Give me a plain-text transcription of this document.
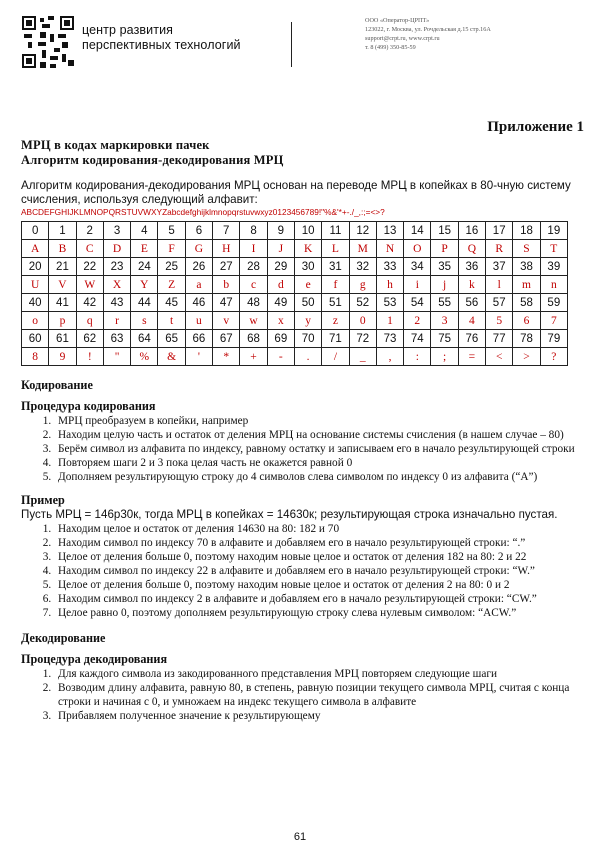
центр развития
перспективных технологий
ООО «Оператор-ЦРПТ»
123022, г. Москва, ул. Рочдельская д.15 стр.16А
support@crpt.ru, www.crpt.ru
т. 8 (499) 350-85-59
Приложение 1
МРЦ в кодах маркировки пачек
Алгоритм кодирования-декодирования МРЦ
Алгоритм кодирования-декодирования МРЦ основан на переводе МРЦ в копейках в 80-чную систему счисления, используя следующий алфавит:
ABCDEFGHIJKLMNOPQRSTUVWXYZabcdefghijklmnopqrstuvwxyz0123456789!"%&'*+-./_,:;=<>?
0	1	2	3	4	5	6	7	8	9	10	11	12	13	14	15	16	17	18	19
A	B	C	D	E	F	G	H	I	J	K	L	M	N	O	P	Q	R	S	T
20	21	22	23	24	25	26	27	28	29	30	31	32	33	34	35	36	37	38	39
U	V	W	X	Y	Z	a	b	c	d	e	f	g	h	i	j	k	l	m	n
40	41	42	43	44	45	46	47	48	49	50	51	52	53	54	55	56	57	58	59
o	p	q	r	s	t	u	v	w	x	y	z	0	1	2	3	4	5	6	7
60	61	62	63	64	65	66	67	68	69	70	71	72	73	74	75	76	77	78	79
8	9	!	"	%	&	'	*	+	-	.	/	_	,	:	;	=	<	>	?
Кодирование
Процедура кодирования
1. МРЦ преобразуем в копейки, например
2. Находим целую часть и остаток от деления МРЦ на основание системы счисления (в нашем случае – 80)
3. Берём символ из алфавита по индексу, равному остатку и записываем его в начало результирующей строки
4. Повторяем шаги 2 и 3 пока целая часть не окажется равной 0
5. Дополняем результирующую строку до 4 символов слева символом по индексу 0 из алфавита (“A”)
Пример
Пусть МРЦ = 146р30к, тогда МРЦ в копейках = 14630к; результирующая строка изначально пустая.
1. Находим целое и остаток от деления 14630 на 80: 182 и 70
2. Находим символ по индексу 70 в алфавите и добавляем его в начало результирующей строки: “.”
3. Целое от деления больше 0, поэтому находим новые целое и остаток от деления 182 на 80: 2 и 22
4. Находим символ по индексу 22 в алфавите и добавляем его в начало результирующей строки: “W.”
5. Целое от деления больше 0, поэтому находим новые целое и остаток от деления 2 на 80: 0 и 2
6. Находим символ по индексу 2 в алфавите и добавляем его в начало результирующей строки: “CW.”
7. Целое равно 0, поэтому дополняем результирующую строку слева нулевым символом: “ACW.”
Декодирование
Процедура декодирования
1. Для каждого символа из закодированного представления МРЦ повторяем следующие шаги
2. Возводим длину алфавита, равную 80, в степень, равную позиции текущего символа МРЦ, считая с конца строки и начиная с 0, и умножаем на индекс текущего символа в алфавите
3. Прибавляем полученное значение к результирующему
61
